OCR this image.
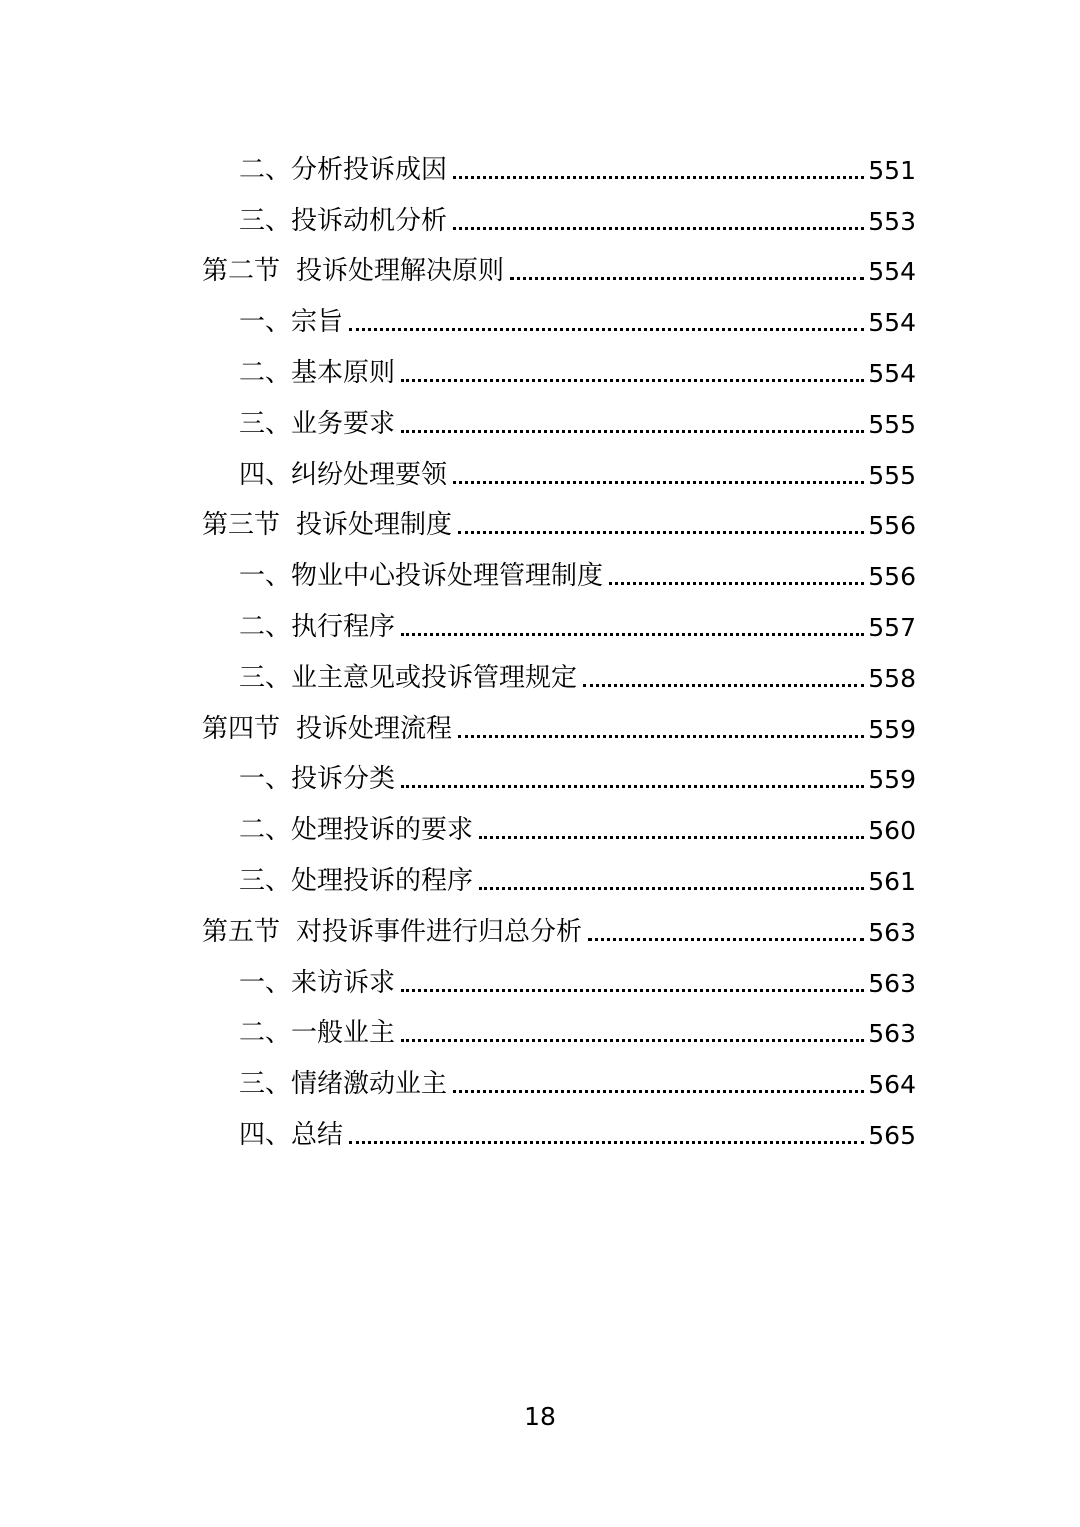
二、分析投诉成因	551
三、投诉动机分析	553
第二节 投诉处理解决原则	554
一、宗旨	554
二、基本原则	554
三、业务要求	555
四、纠纷处理要领	555
第三节 投诉处理制度	556
一、物业中心投诉处理管理制度	556
二、执行程序	557
三、业主意见或投诉管理规定	558
第四节 投诉处理流程	559
一、投诉分类	559
二、处理投诉的要求	560
三、处理投诉的程序	561
第五节 对投诉事件进行归总分析	563
一、来访诉求	563
二、一般业主	563
三、情绪激动业主	564
四、总结	565
18
